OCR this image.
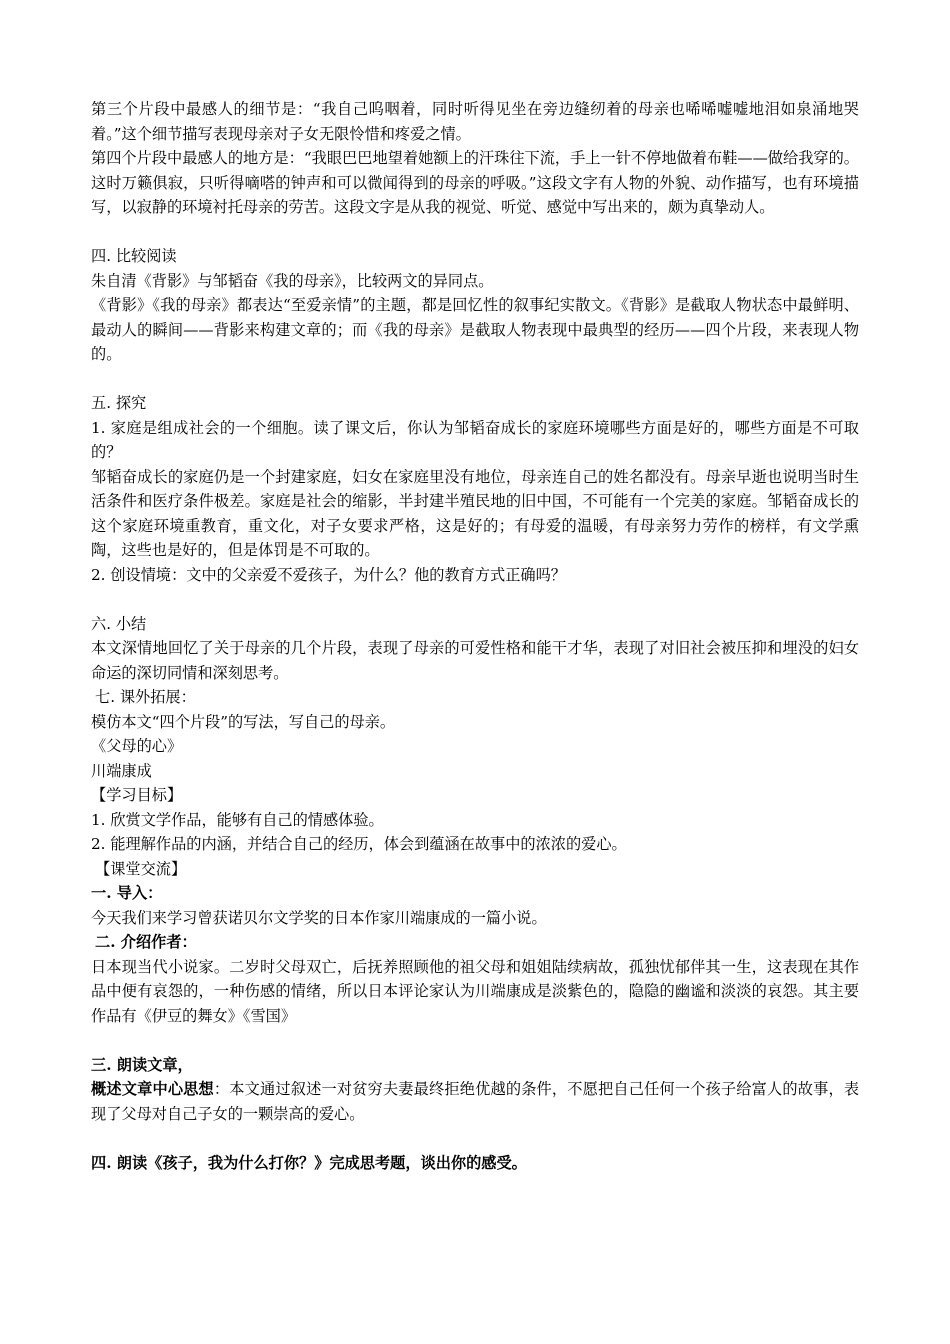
第三个片段中最感人的细节是：“我自己呜咽着，同时听得见坐在旁边缝纫着的母亲也唏唏嘘嘘地泪如泉涌地哭着。”这个细节描写表现母亲对子女无限怜惜和疼爱之情。

第四个片段中最感人的地方是：“我眼巴巴地望着她额上的汗珠往下流，手上一针不停地做着布鞋——做给我穿的。这时万籁俱寂，只听得嘀嗒的钟声和可以微闻得到的母亲的呼吸。”这段文字有人物的外貌、动作描写，也有环境描写，以寂静的环境衬托母亲的劳苦。这段文字是从我的视觉、听觉、感觉中写出来的，颇为真挚动人。

四. 比较阅读

朱自清《背影》与邹韬奋《我的母亲》，比较两文的异同点。

《背影》《我的母亲》都表达“至爱亲情”的主题，都是回忆性的叙事纪实散文。《背影》是截取人物状态中最鲜明、最动人的瞬间——背影来构建文章的；而《我的母亲》是截取人物表现中最典型的经历——四个片段，来表现人物的。

五. 探究

1. 家庭是组成社会的一个细胞。读了课文后，你认为邹韬奋成长的家庭环境哪些方面是好的，哪些方面是不可取的？

邹韬奋成长的家庭仍是一个封建家庭，妇女在家庭里没有地位，母亲连自己的姓名都没有。母亲早逝也说明当时生活条件和医疗条件极差。家庭是社会的缩影，半封建半殖民地的旧中国，不可能有一个完美的家庭。邹韬奋成长的这个家庭环境重教育，重文化，对子女要求严格，这是好的；有母爱的温暖，有母亲努力劳作的榜样，有文学熏陶，这些也是好的，但是体罚是不可取的。

2. 创设情境：文中的父亲爱不爱孩子，为什么？他的教育方式正确吗？

六. 小结

本文深情地回忆了关于母亲的几个片段，表现了母亲的可爱性格和能干才华，表现了对旧社会被压抑和埋没的妇女命运的深切同情和深刻思考。

七. 课外拓展：

模仿本文“四个片段”的写法，写自己的母亲。

《父母的心》

川端康成

【学习目标】

1. 欣赏文学作品，能够有自己的情感体验。

2. 能理解作品的内涵，并结合自己的经历，体会到蕴涵在故事中的浓浓的爱心。

【课堂交流】

一. 导入：

今天我们来学习曾获诺贝尔文学奖的日本作家川端康成的一篇小说。

二. 介绍作者：

日本现当代小说家。二岁时父母双亡，后抚养照顾他的祖父母和姐姐陆续病故，孤独忧郁伴其一生，这表现在其作品中便有哀怨的，一种伤感的情绪，所以日本评论家认为川端康成是淡紫色的，隐隐的幽谧和淡淡的哀怨。其主要作品有《伊豆的舞女》《雪国》

三. 朗读文章，

概述文章中心思想：本文通过叙述一对贫穷夫妻最终拒绝优越的条件，不愿把自己任何一个孩子给富人的故事，表现了父母对自己子女的一颗崇高的爱心。

四. 朗读《孩子，我为什么打你？》完成思考题，谈出你的感受。
